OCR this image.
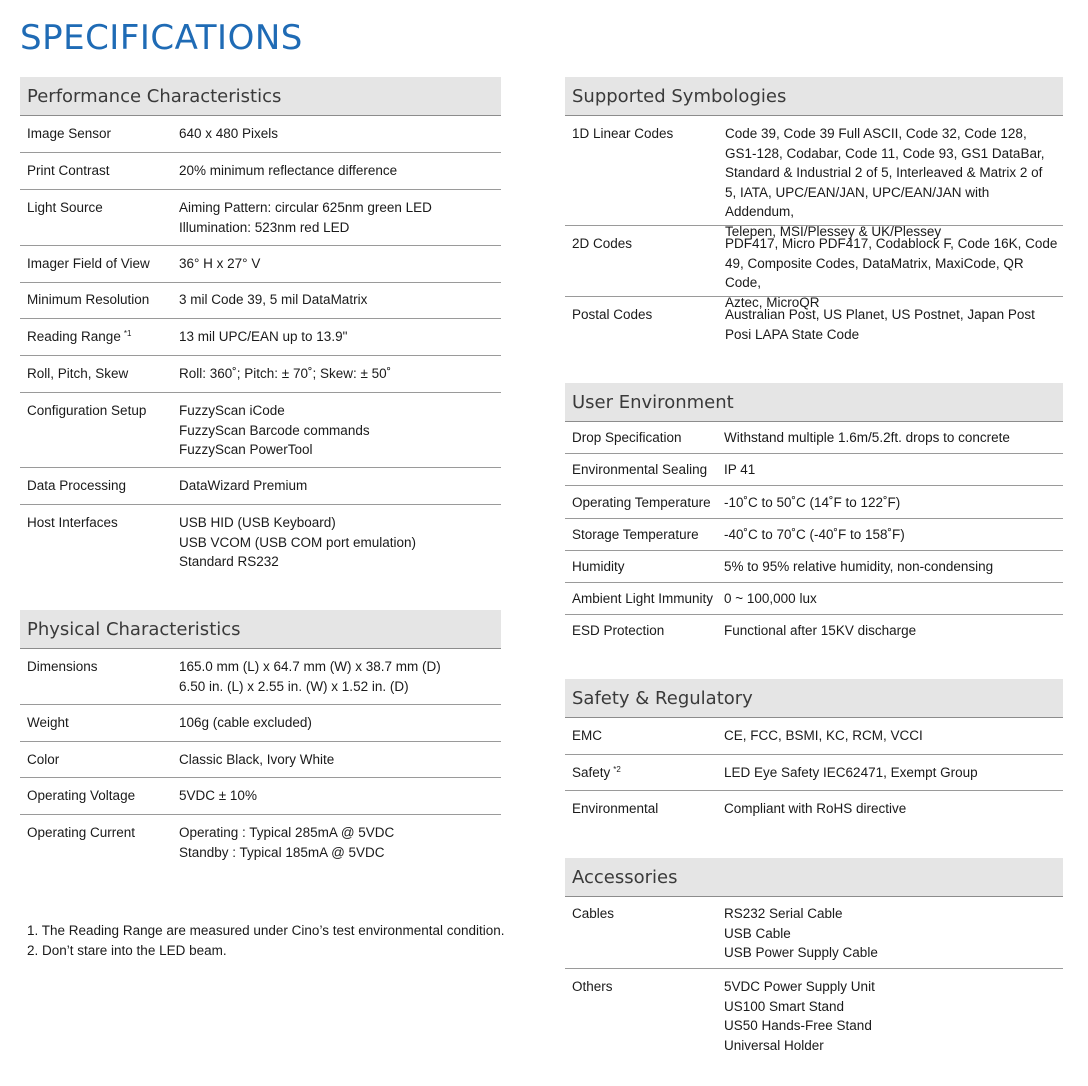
SPECIFICATIONS
Performance Characteristics
Image Sensor	640 x 480 Pixels
Print Contrast	20% minimum reflectance difference
Light Source	Aiming Pattern: circular 625nm green LED
Illumination: 523nm red LED
Imager Field of View	36° H x 27° V
Minimum Resolution	3 mil Code 39, 5 mil DataMatrix
Reading Range $^{*1}$	13 mil UPC/EAN up to 13.9"
Roll, Pitch, Skew	Roll: 360˚; Pitch: ± 70˚; Skew: ± 50˚
Configuration Setup	FuzzyScan iCode
FuzzyScan Barcode commands
FuzzyScan PowerTool
Data Processing	DataWizard Premium
Host Interfaces	USB HID (USB Keyboard)
USB VCOM (USB COM port emulation)
Standard RS232
Physical Characteristics
Dimensions	165.0 mm (L) x 64.7 mm (W) x 38.7 mm (D)
6.50 in. (L) x 2.55 in. (W) x 1.52 in. (D)
Weight	106g (cable excluded)
Color	Classic Black, Ivory White
Operating Voltage	5VDC ± 10%
Operating Current	Operating : Typical 285mA @ 5VDC
Standby : Typical 185mA @ 5VDC
1. The Reading Range are measured under Cino’s test environmental condition.
2. Don’t stare into the LED beam.
Supported Symbologies
1D Linear Codes	Code 39, Code 39 Full ASCII, Code 32, Code 128,
GS1-128, Codabar, Code 11, Code 93, GS1 DataBar,
Standard & Industrial 2 of 5, Interleaved & Matrix 2 of
5, IATA, UPC/EAN/JAN, UPC/EAN/JAN with Addendum,
Telepen, MSI/Plessey & UK/Plessey
2D Codes	PDF417, Micro PDF417, Codablock F, Code 16K, Code
49, Composite Codes, DataMatrix, MaxiCode, QR Code,
Aztec, MicroQR
Postal Codes	Australian Post, US Planet, US Postnet, Japan Post
Posi LAPA State Code
User Environment
Drop Specification	Withstand multiple 1.6m/5.2ft. drops to concrete
Environmental Sealing	IP 41
Operating Temperature -10˚C to 50˚C (14˚F to 122˚F)
Storage Temperature	-40˚C to 70˚C (-40˚F to 158˚F)
Humidity	5% to 95% relative humidity, non-condensing
Ambient Light Immunity 0 ~ 100,000 lux
ESD Protection	Functional after 15KV discharge
Safety & Regulatory
EMC	CE, FCC, BSMI, KC, RCM, VCCI
Safety $^{*2}$	LED Eye Safety IEC62471, Exempt Group
Environmental	Compliant with RoHS directive
Accessories
Cables	RS232 Serial Cable
USB Cable
USB Power Supply Cable
Others	5VDC Power Supply Unit
US100 Smart Stand
US50 Hands-Free Stand
Universal Holder
